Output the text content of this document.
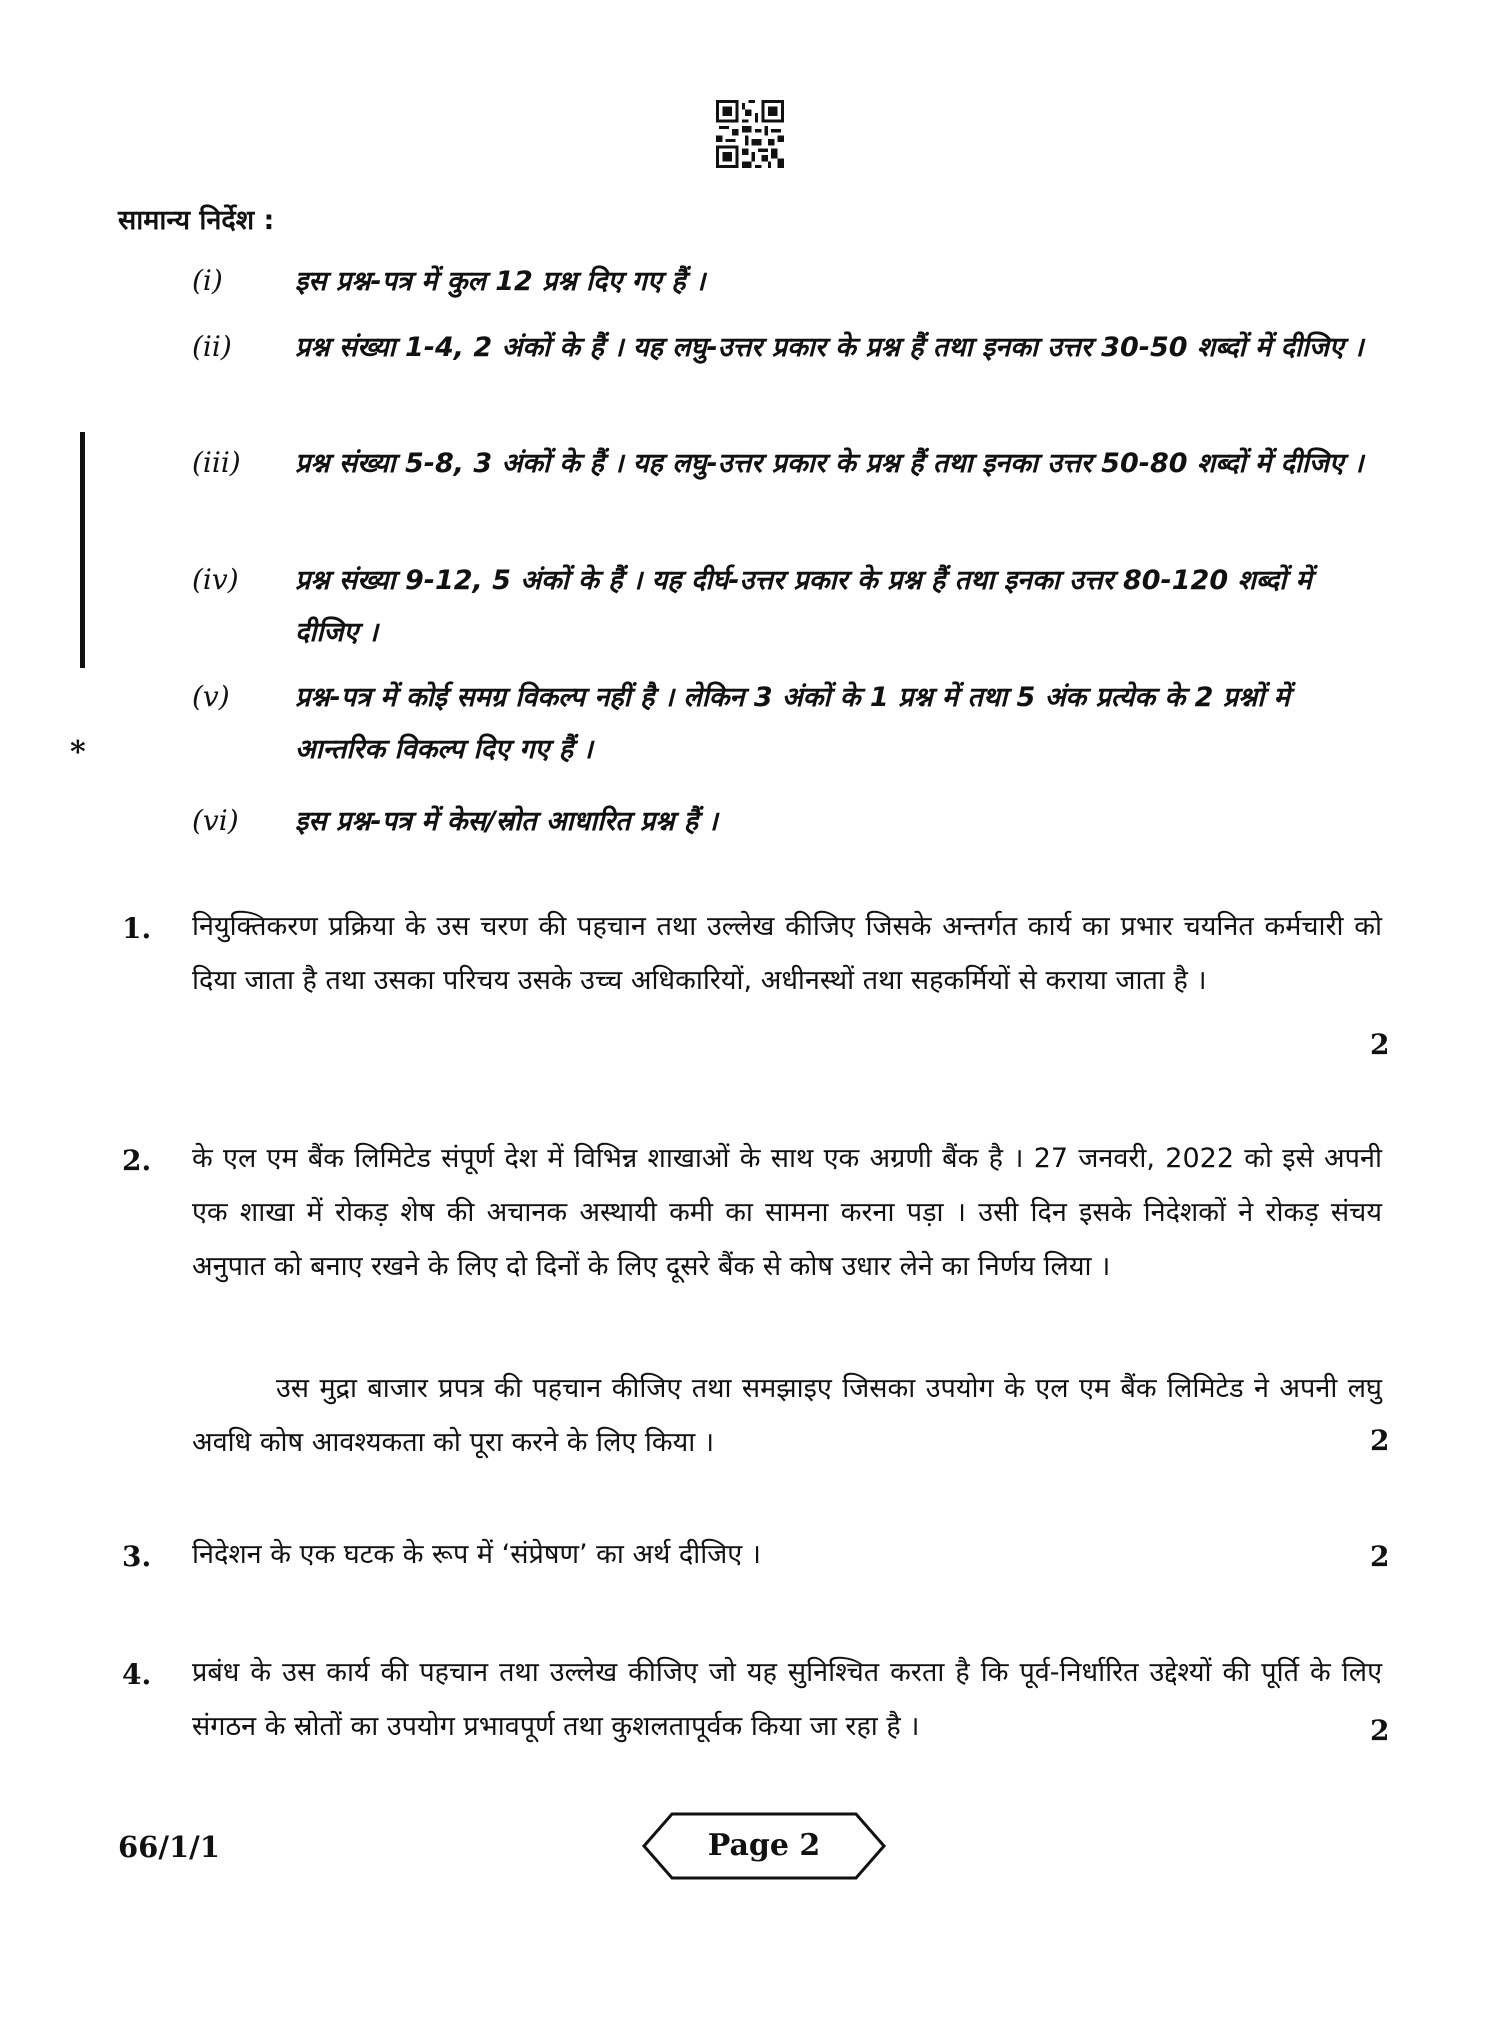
सामान्य निर्देश :
*
(i)	इस प्रश्न-पत्र में कुल 12 प्रश्न दिए गए हैं ।
(ii) प्रश्न संख्या 1-4, 2 अंकों के हैं । यह लघु-उत्तर प्रकार के प्रश्न हैं तथा इनका उत्तर 30-50 शब्दों में दीजिए ।
(iii) प्रश्न संख्या 5-8, 3 अंकों के हैं । यह लघु-उत्तर प्रकार के प्रश्न हैं तथा इनका उत्तर 50-80 शब्दों में दीजिए ।
(iv) प्रश्न संख्या 9-12, 5 अंकों के हैं । यह दीर्घ-उत्तर प्रकार के प्रश्न हैं तथा इनका उत्तर 80-120 शब्दों में दीजिए ।
(v) प्रश्न-पत्र में कोई समग्र विकल्प नहीं है । लेकिन 3 अंकों के 1 प्रश्न में तथा 5 अंक प्रत्येक के 2 प्रश्नों में आन्तरिक विकल्प दिए गए हैं ।
(vi) इस प्रश्न-पत्र में केस/स्रोत आधारित प्रश्न हैं ।
1. नियुक्तिकरण प्रक्रिया के उस चरण की पहचान तथा उल्लेख कीजिए जिसके अन्तर्गत कार्य का प्रभार चयनित कर्मचारी को दिया जाता है तथा उसका परिचय उसके उच्च अधिकारियों, अधीनस्थों तथा सहकर्मियों से कराया जाता है ।
2
2. के एल एम बैंक लिमिटेड संपूर्ण देश में विभिन्न शाखाओं के साथ एक अग्रणी बैंक है । 27 जनवरी, 2022 को इसे अपनी एक शाखा में रोकड़ शेष की अचानक अस्थायी कमी का सामना करना पड़ा । उसी दिन इसके निदेशकों ने रोकड़ संचय अनुपात को बनाए रखने के लिए दो दिनों के लिए दूसरे बैंक से कोष उधार लेने का निर्णय लिया ।
उस मुद्रा बाजार प्रपत्र की पहचान कीजिए तथा समझाइए जिसका उपयोग के एल एम बैंक लिमिटेड ने अपनी लघु अवधि कोष आवश्यकता को पूरा करने के लिए किया ।	2
3. निदेशन के एक घटक के रूप में ‘संप्रेषण’ का अर्थ दीजिए ।	2
4. प्रबंध के उस कार्य की पहचान तथा उल्लेख कीजिए जो यह सुनिश्चित करता है कि पूर्व-निर्धारित उद्देश्यों की पूर्ति के लिए संगठन के स्रोतों का उपयोग प्रभावपूर्ण तथा कुशलतापूर्वक किया जा रहा है ।	2
66/1/1	Page 2
